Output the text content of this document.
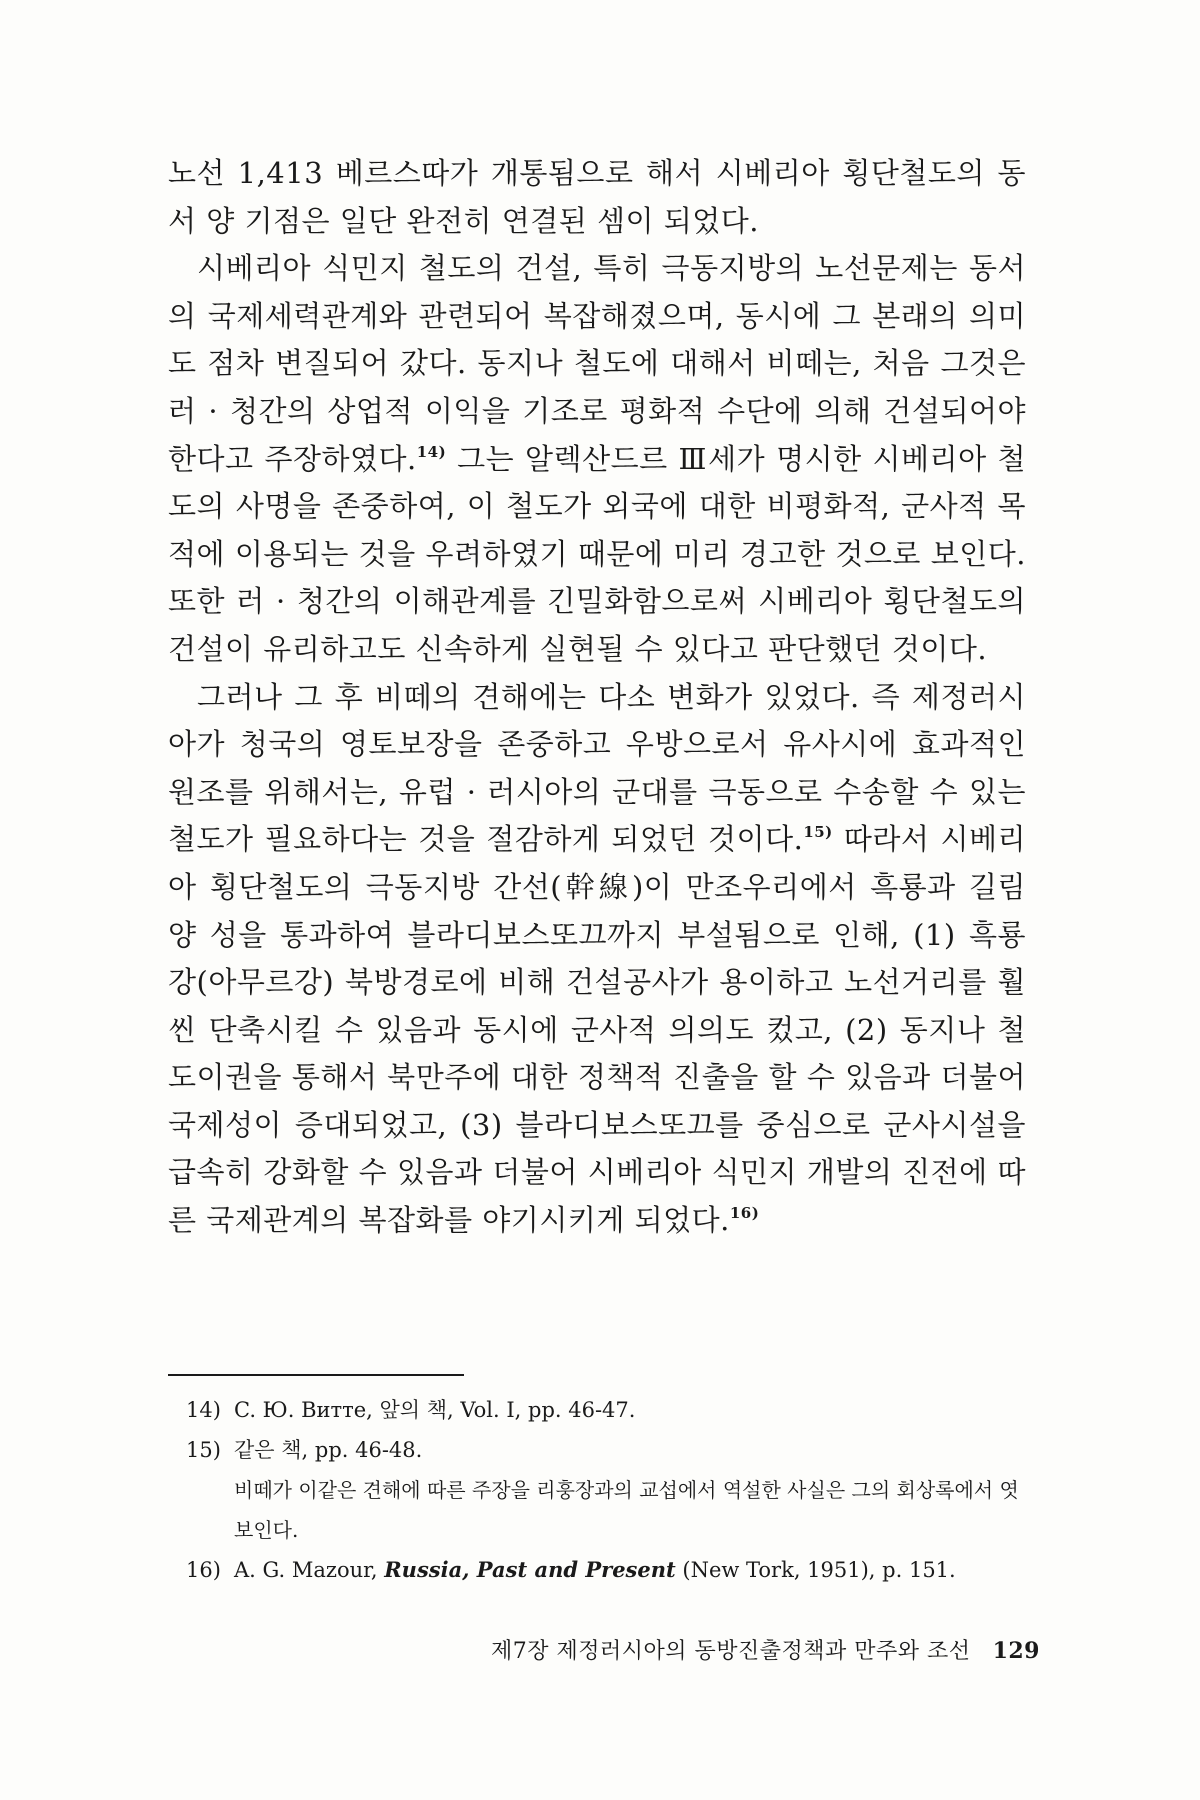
노선 1,413 베르스따가 개통됨으로 해서 시베리아 횡단철도의 동서 양 기점은 일단 완전히 연결된 셈이 되었다.

시베리아 식민지 철도의 건설, 특히 극동지방의 노선문제는 동서의 국제세력관계와 관련되어 복잡해졌으며, 동시에 그 본래의 의미도 점차 변질되어 갔다. 동지나 철도에 대해서 비떼는, 처음 그것은 러 · 청간의 상업적 이익을 기조로 평화적 수단에 의해 건설되어야 한다고 주장하였다.$^{14)}$ 그는 알렉산드르 Ⅲ세가 명시한 시베리아 철도의 사명을 존중하여, 이 철도가 외국에 대한 비평화적, 군사적 목적에 이용되는 것을 우려하였기 때문에 미리 경고한 것으로 보인다. 또한 러 · 청간의 이해관계를 긴밀화함으로써 시베리아 횡단철도의 건설이 유리하고도 신속하게 실현될 수 있다고 판단했던 것이다.

그러나 그 후 비떼의 견해에는 다소 변화가 있었다. 즉 제정러시아가 청국의 영토보장을 존중하고 우방으로서 유사시에 효과적인 원조를 위해서는, 유럽 · 러시아의 군대를 극동으로 수송할 수 있는 철도가 필요하다는 것을 절감하게 되었던 것이다.$^{15)}$ 따라서 시베리아 횡단철도의 극동지방 간선(幹線)이 만조우리에서 흑룡과 길림 양 성을 통과하여 블라디보스또끄까지 부설됨으로 인해, (1) 흑룡강(아무르강) 북방경로에 비해 건설공사가 용이하고 노선거리를 훨씬 단축시킬 수 있음과 동시에 군사적 의의도 컸고, (2) 동지나 철도이권을 통해서 북만주에 대한 정책적 진출을 할 수 있음과 더불어 국제성이 증대되었고, (3) 블라디보스또끄를 중심으로 군사시설을 급속히 강화할 수 있음과 더불어 시베리아 식민지 개발의 진전에 따른 국제관계의 복잡화를 야기시키게 되었다.$^{16)}$

14) C. Ю. Витте, 앞의 책, Vol. I, pp. 46-47.
15) 같은 책, pp. 46-48.
비떼가 이같은 견해에 따른 주장을 리훙장과의 교섭에서 역설한 사실은 그의 회상록에서 엿보인다.
16) A. G. Mazour, Russia, Past and Present (New Tork, 1951), p. 151.
제7장 제정러시아의 동방진출정책과 만주와 조선 129
